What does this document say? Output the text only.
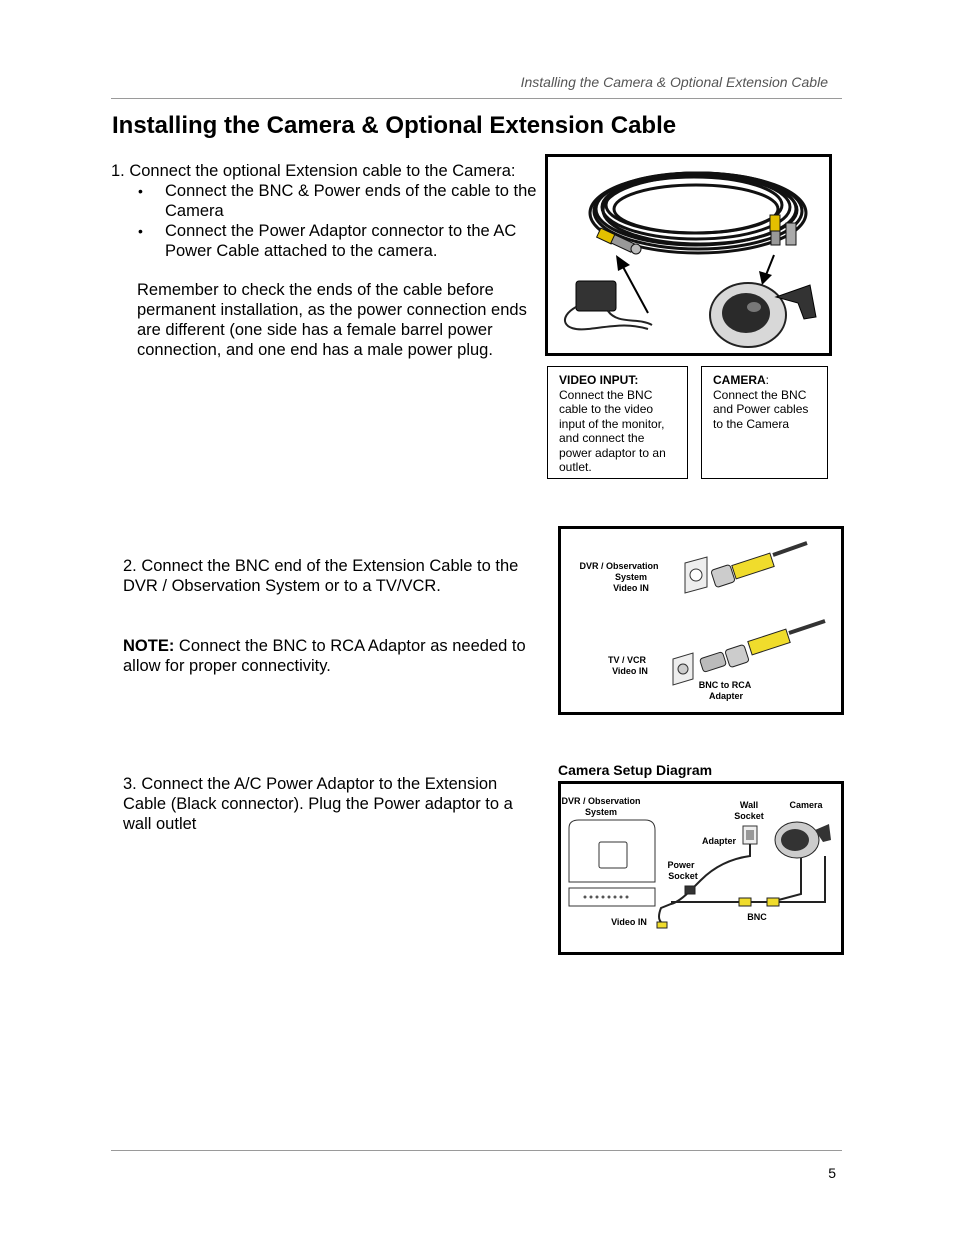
Installing the Camera & Optional Extension Cable
Installing the Camera & Optional Extension Cable
1. Connect the optional Extension cable to the Camera:
• Connect the BNC & Power ends of the cable to the Camera
• Connect the Power Adaptor connector to the AC Power Cable attached to the camera.
Remember to check the ends of the cable before permanent installation, as the power connection ends are different (one side has a female barrel power connection, and one end has a male power plug.
VIDEO INPUT:
Connect the BNC cable to the video input of the monitor, and connect the power adaptor to an outlet.
CAMERA:
Connect the BNC and Power cables to the Camera
2. Connect the BNC end of the Extension Cable to the DVR / Observation System or to a TV/VCR.
NOTE: Connect the BNC to RCA Adaptor as needed to allow for proper connectivity.
DVR / Observation
System
Video IN
TV / VCR
Video IN
BNC to RCA
Adapter
3. Connect the A/C Power Adaptor to the Extension Cable (Black connector). Plug the Power adaptor to a wall outlet
Camera Setup Diagram
DVR / Observation
System
Wall
Socket
Camera
Adapter
Power
Socket
Video IN	BNC
5
